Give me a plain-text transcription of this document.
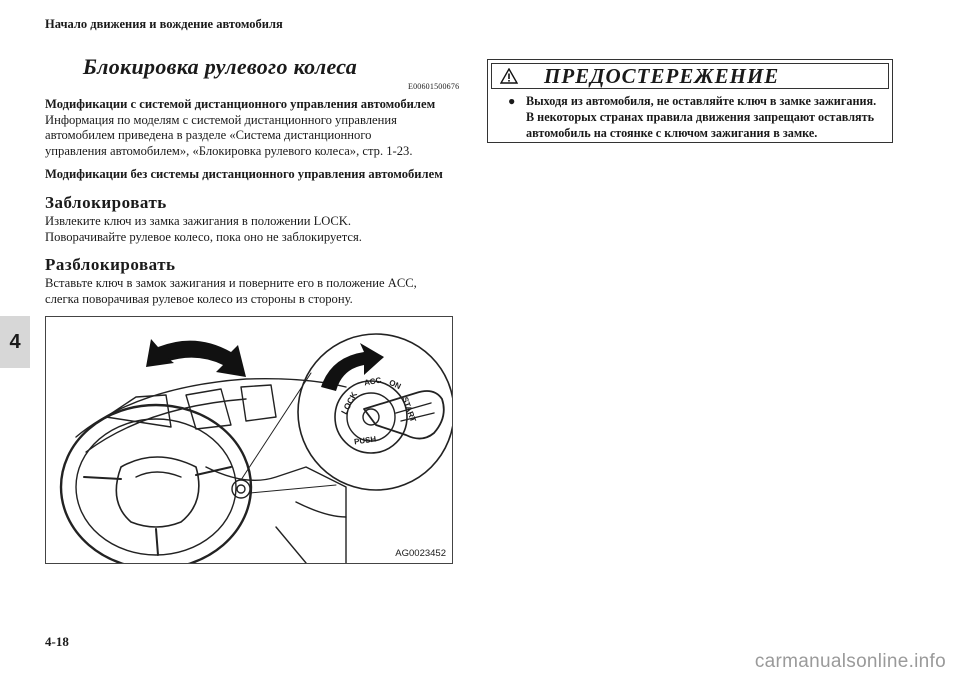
Начало движения и вождение автомобиля
Блокировка рулевого колеса
E00601500676
Модификации с системой дистанционного управления автомобилем
Информация по моделям с системой дистанционного управления
автомобилем приведена в разделе «Система дистанционного
управления автомобилем», «Блокировка рулевого колеса», стр. 1-23.
Модификации без системы дистанционного управления автомобилем
Заблокировать
Извлеките ключ из замка зажигания в положении LOCK.
Поворачивайте рулевое колесо, пока оно не заблокируется.
Разблокировать
Вставьте ключ в замок зажигания и поверните его в положение ACC,
слегка поворачивая рулевое колесо из стороны в сторону.
LOCK
ACC ON
START
PUSH
AG0023452
4
4-18
ПРЕДОСТЕРЕЖЕНИЕ
● Выходя из автомобиля, не оставляйте ключ в замке зажигания.
В некоторых странах правила движения запрещают оставлять
автомобиль на стоянке с ключом зажигания в замке.
carmanualsonline.info
